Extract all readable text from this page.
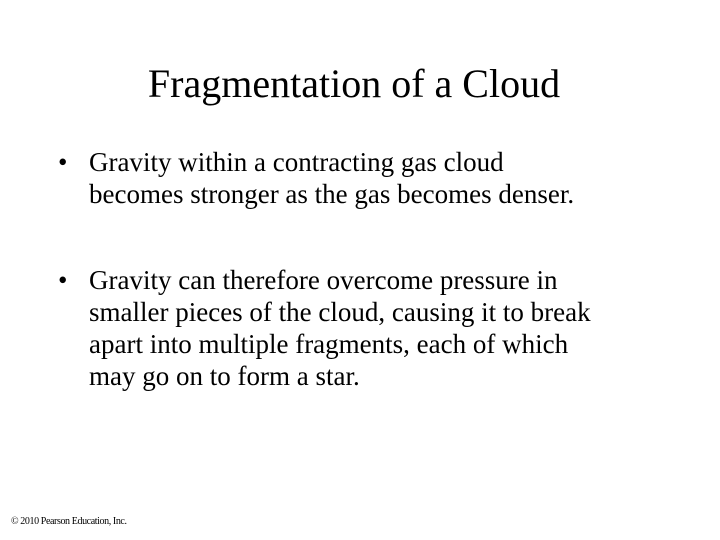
Fragmentation of a Cloud
• Gravity within a contracting gas cloud
becomes stronger as the gas becomes denser.
• Gravity can therefore overcome pressure in
smaller pieces of the cloud, causing it to break
apart into multiple fragments, each of which
may go on to form a star.
© 2010 Pearson Education, Inc.
